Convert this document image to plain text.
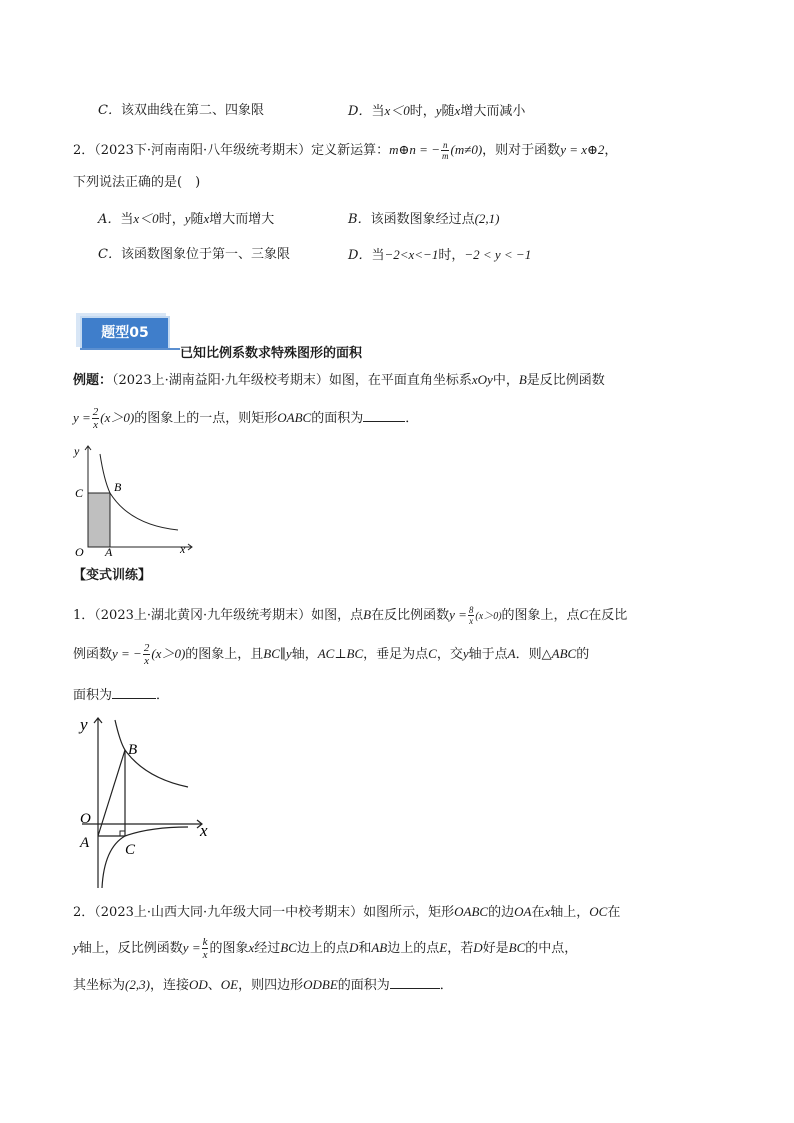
C．该双曲线在第二、四象限	D．当x＜0时，y随x增大而减小
2．（2023下·河南南阳·八年级统考期末）定义新运算：m⊕n = − $\frac{n}{m} (m\ne 0)$，则对于函数y = x⊕2，
下列说法正确的是(　)
A．当x＜0时，y随x增大而增大	B．该函数图象经过点(2,1)
C．该函数图象位于第一、三象限	D．当−2<x<−1时，−2 < y < −1
题型05
已知比例系数求特殊图形的面积
例题：（2023上·湖南益阳·九年级校考期末）如图，在平面直角坐标系xOy中，B是反比例函数
$y = \frac{2}{x} (x>0)$的图象上的一点，则矩形OABC的面积为	．
y
x
O A
B
C
【变式训练】
1．（2023上·湖北黄冈·九年级统考期末）如图，点B在反比例函数$y = \frac{8}{x} (x>0)$的图象上，点C在反比
例函数y = − $\frac{2}{x} (x>0)$的图象上，且BC∥y轴，AC⊥BC，垂足为点C，交y轴于点A．则△ABC的
面积为	．
y
x
O
A
B
C
2．（2023上·山西大同·九年级大同一中校考期末）如图所示，矩形OABC的边OA在x轴上，OC在
y轴上，反比例函数$y = \frac{k}{x}$ 的图象x经过BC边上的点D和AB边上的点E，若D好是BC的中点，
其坐标为(2,3)，连接OD、OE，则四边形ODBE的面积为	．
